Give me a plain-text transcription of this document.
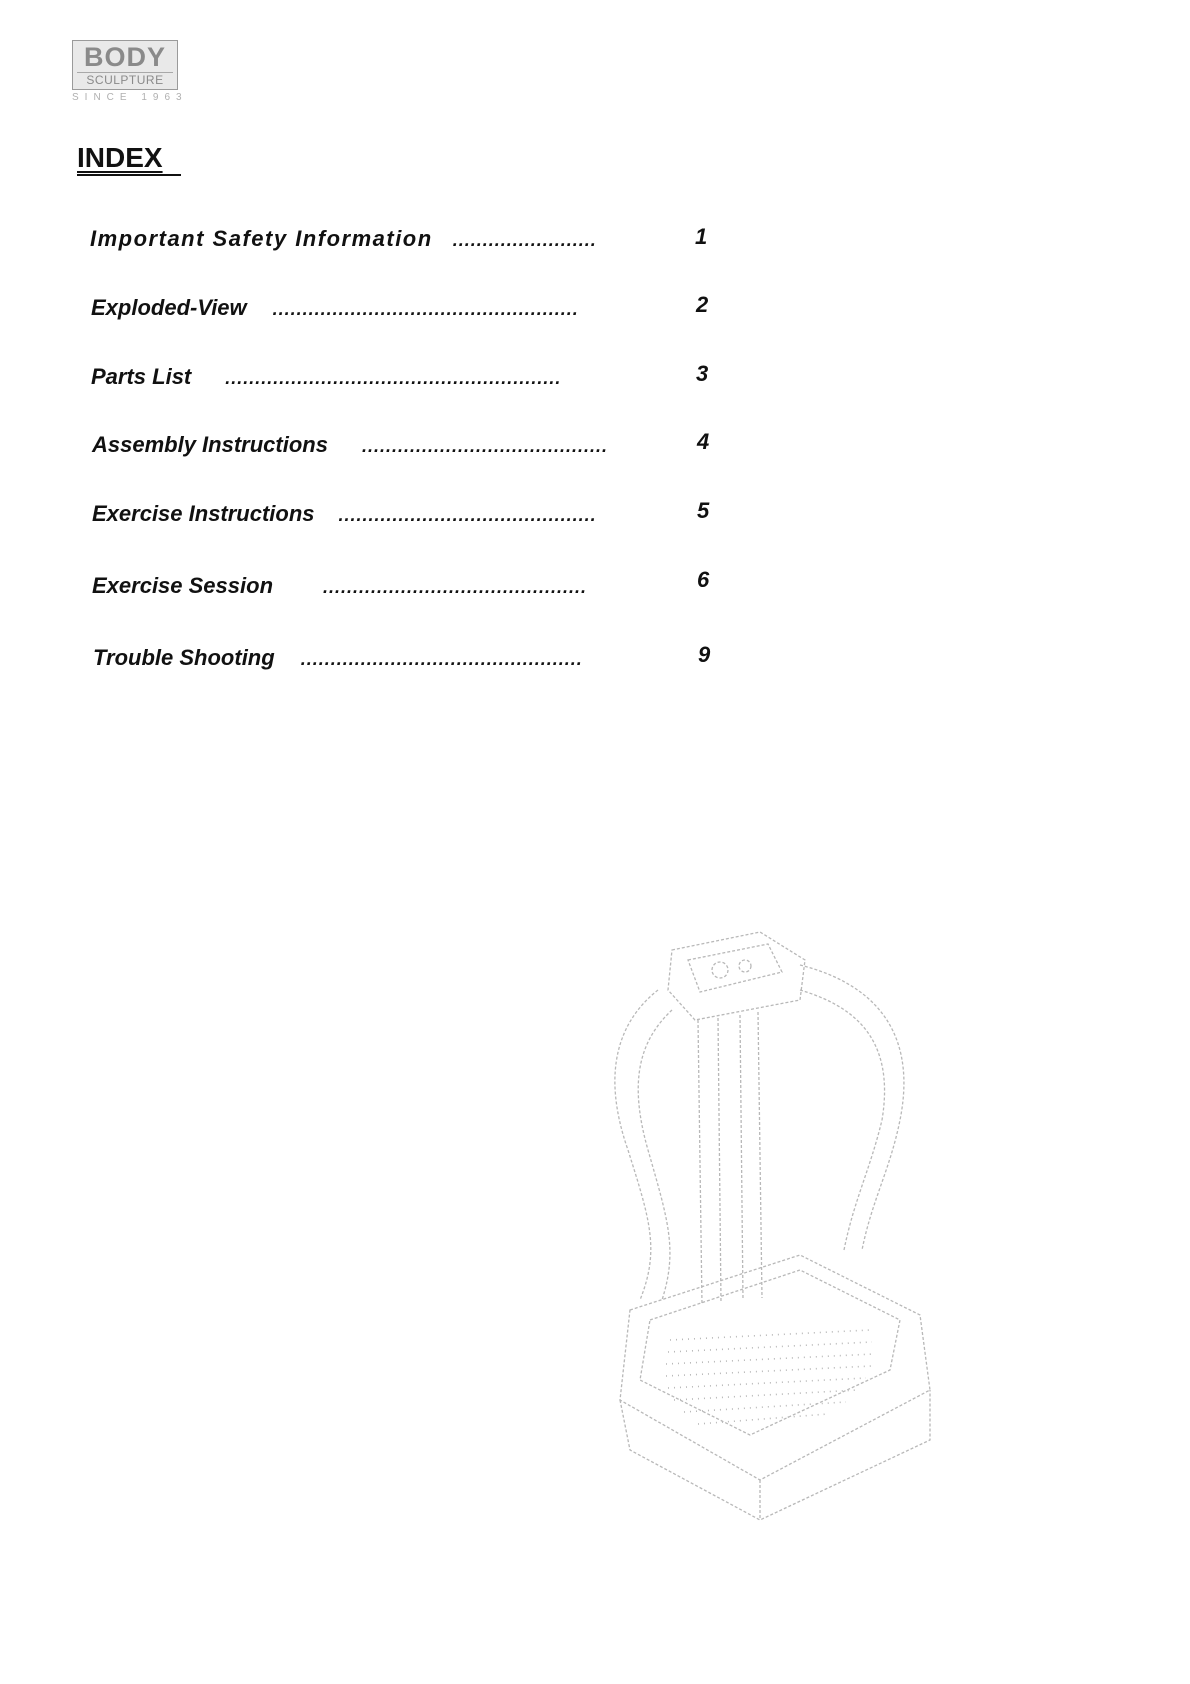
BODY
SCULPTURE
SINCE 1963
INDEX
Important Safety Information ........................	1
Exploded-View ...................................................	2
Parts List ........................................................	3
Assembly Instructions .........................................	4
Exercise Instructions ...........................................	5
Exercise Session	............................................	6
Trouble Shooting ...............................................	9
